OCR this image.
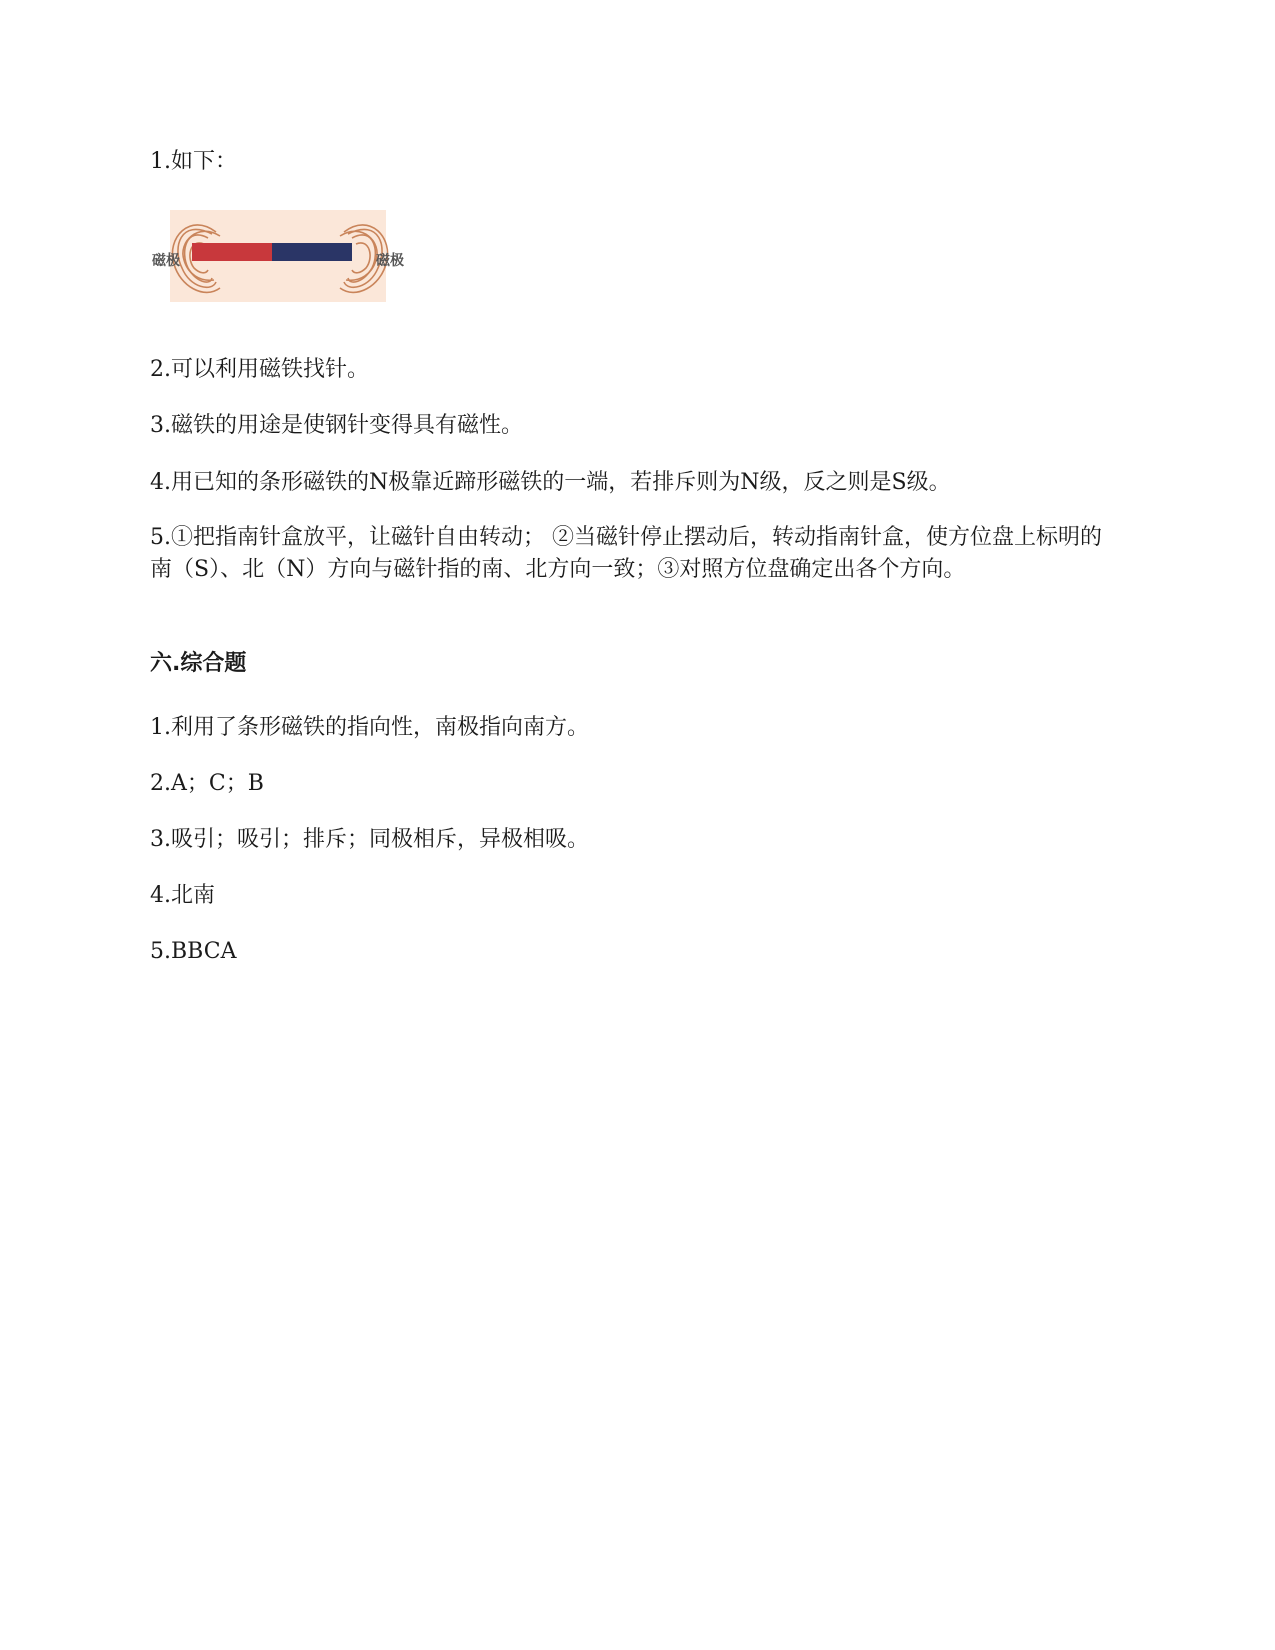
1.如下：
磁极	磁极
2.可以利用磁铁找针。
3.磁铁的用途是使钢针变得具有磁性。
4.用已知的条形磁铁的N极靠近蹄形磁铁的一端，若排斥则为N级，反之则是S级。
5.①把指南针盒放平，让磁针自由转动； ②当磁针停止摆动后，转动指南针盒，使方位盘上标明的南（S）、北（N）方向与磁针指的南、北方向一致；③对照方位盘确定出各个方向。
六.综合题
1.利用了条形磁铁的指向性，南极指向南方。
2.A；C；B
3.吸引；吸引；排斥；同极相斥，异极相吸。
4.北南
5.BBCA
